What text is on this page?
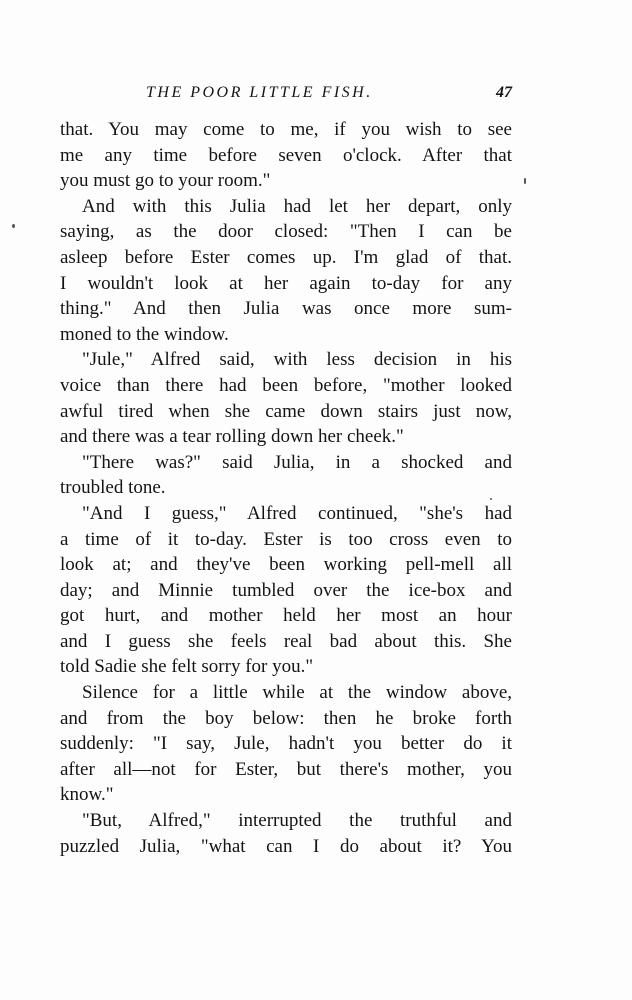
THE POOR LITTLE FISH.	47
that. You may come to me, if you wish to see
me any time before seven o'clock. After that
you must go to your room."
And with this Julia had let her depart, only
saying, as the door closed: "Then I can be
asleep before Ester comes up. I'm glad of that.
I wouldn't look at her again to-day for any
thing." And then Julia was once more sum-
moned to the window.
"Jule," Alfred said, with less decision in his
voice than there had been before, "mother looked
awful tired when she came down stairs just now,
and there was a tear rolling down her cheek."
"There was?" said Julia, in a shocked and
troubled tone.
"And I guess," Alfred continued, "she's had
a time of it to-day. Ester is too cross even to
look at; and they've been working pell-mell all
day; and Minnie tumbled over the ice-box and
got hurt, and mother held her most an hour
and I guess she feels real bad about this. She
told Sadie she felt sorry for you."
Silence for a little while at the window above,
and from the boy below: then he broke forth
suddenly: "I say, Jule, hadn't you better do it
after all—not for Ester, but there's mother, you
know."
"But, Alfred," interrupted the truthful and
puzzled Julia, "what can I do about it? You
